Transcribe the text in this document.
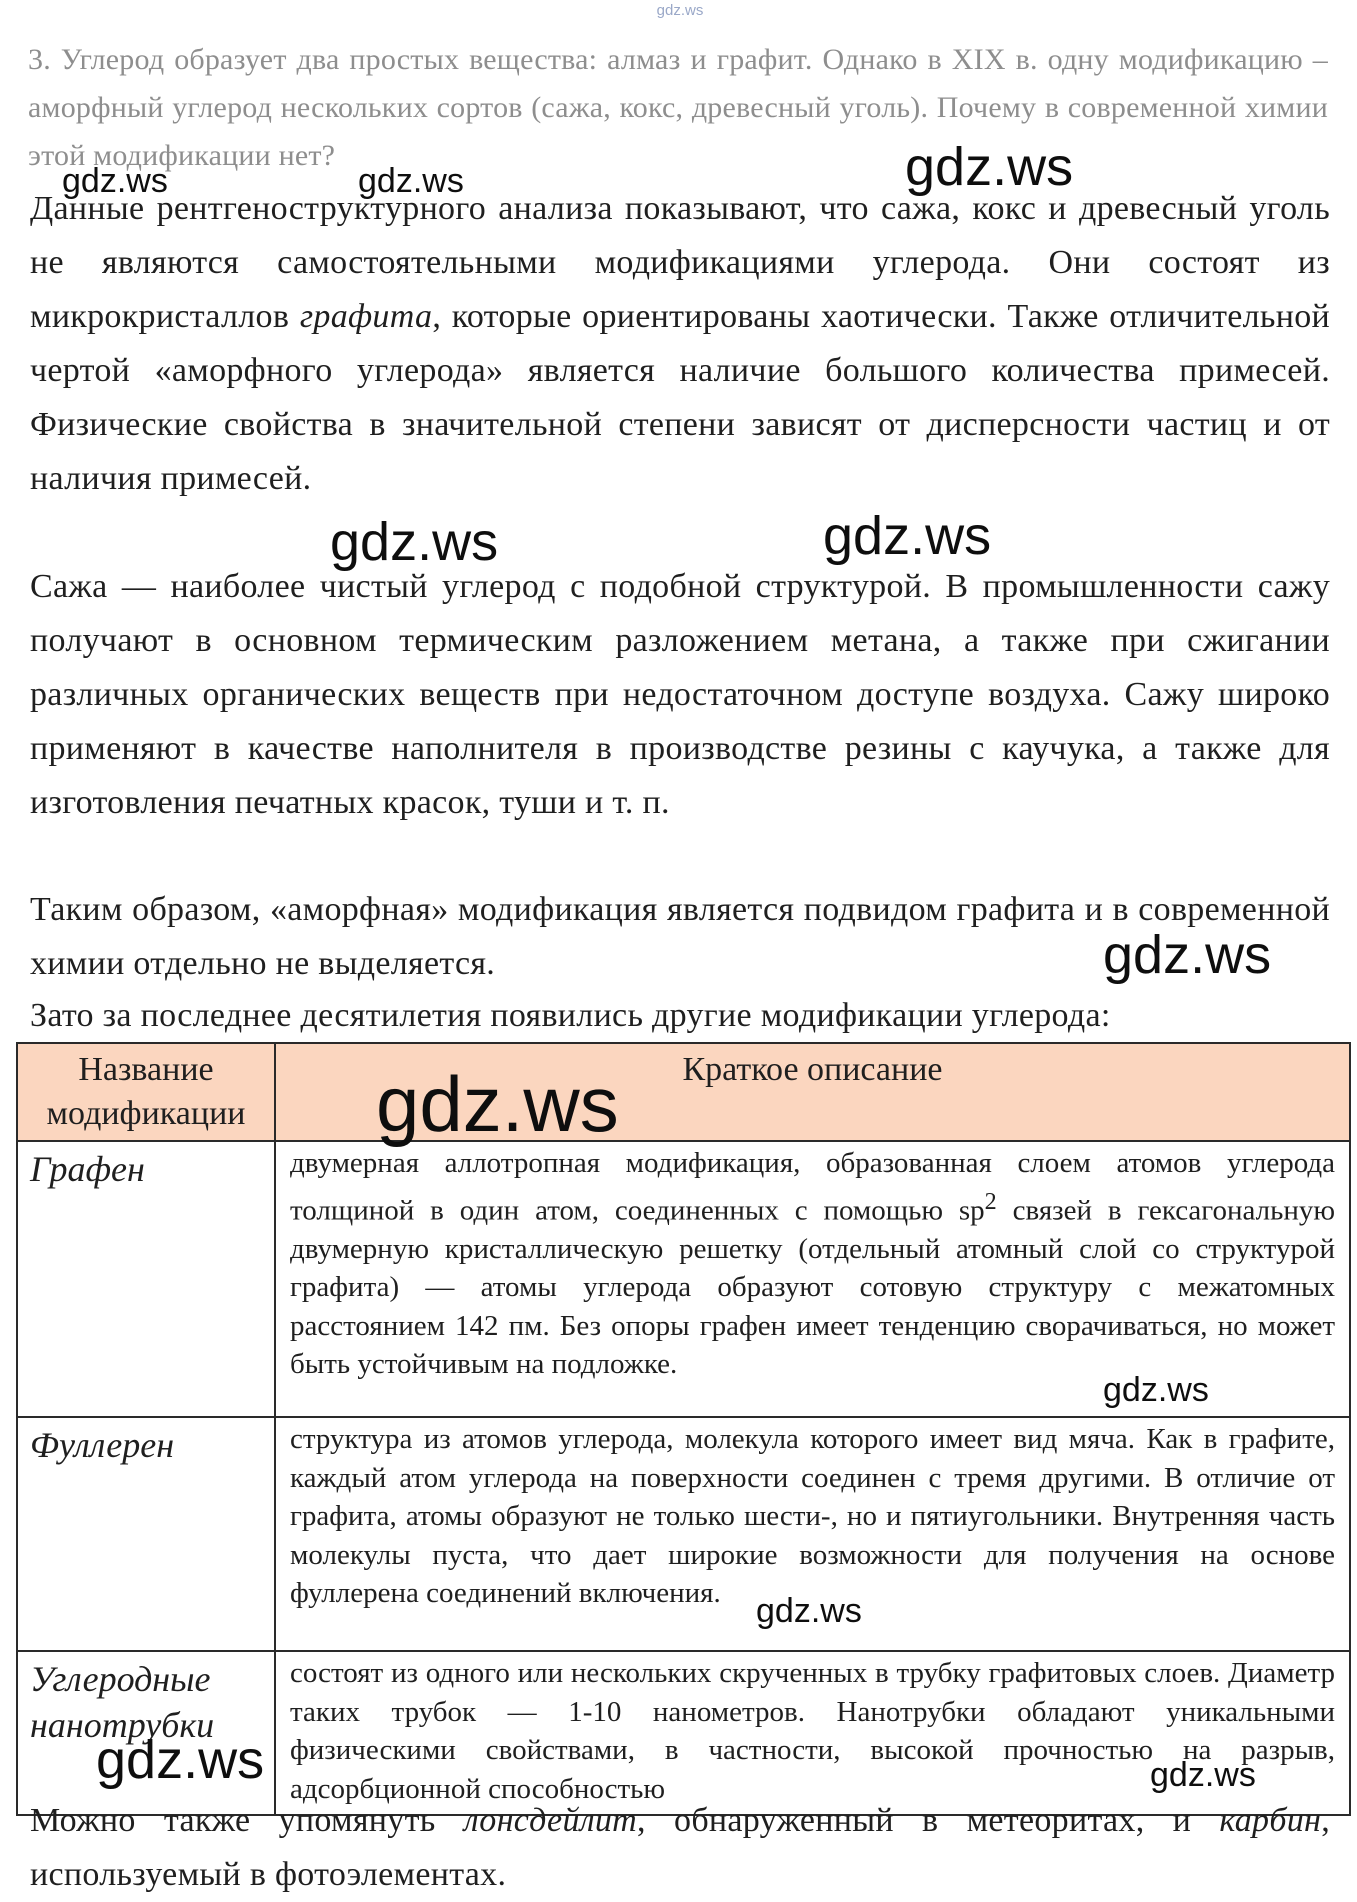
gdz.ws
3. Углерод образует два простых вещества: алмаз и графит. Однако в XIX в. одну модификацию – аморфный углерод нескольких сортов (сажа, кокс, древесный уголь). Почему в современной химии этой модификации нет?
Данные рентгеноструктурного анализа показывают, что сажа, кокс и древесный уголь не являются самостоятельными модификациями углерода. Они состоят из микрокристаллов графита, которые ориентированы хаотически. Также отличительной чертой «аморфного углерода» является наличие большого количества примесей. Физические свойства в значительной степени зависят от дисперсности частиц и от наличия примесей.
Сажа — наиболее чистый углерод с подобной структурой. В промышленности сажу получают в основном термическим разложением метана, а также при сжигании различных органических веществ при недостаточном доступе воздуха. Сажу широко применяют в качестве наполнителя в производстве резины с каучука, а также для изготовления печатных красок, туши и т. п.
Таким образом, «аморфная» модификация является подвидом графита и в современной химии отдельно не выделяется.
Зато за последнее десятилетия появились другие модификации углерода:
Название модификации	Краткое описание
Графен	двумерная аллотропная модификация, образованная слоем атомов углерода толщиной в один атом, соединенных с помощью $sp^2$ связей в гексагональную двумерную кристаллическую решетку (отдельный атомный слой со структурой графита) — атомы углерода образуют сотовую структуру с межатомных расстоянием 142 пм. Без опоры графен имеет тенденцию сворачиваться, но может быть устойчивым на подложке.
Фуллерен	структура из атомов углерода, молекула которого имеет вид мяча. Как в графите, каждый атом углерода на поверхности соединен с тремя другими. В отличие от графита, атомы образуют не только шести-, но и пятиугольники. Внутренняя часть молекулы пуста, что дает широкие возможности для получения на основе фуллерена соединений включения.
Углеродные нанотрубки	состоят из одного или нескольких скрученных в трубку графитовых слоев. Диаметр таких трубок — 1-10 нанометров. Нанотрубки обладают уникальными физическими свойствами, в частности, высокой прочностью на разрыв, адсорбционной способностью
Можно также упомянуть лонсдейлит, обнаруженный в метеоритах, и карбин, используемый в фотоэлементах.
gdz.ws
gdz.ws	gdz.ws
gdz.ws	gdz.ws
gdz.ws
gdz.ws
gdz.ws
gdz.ws
gdz.ws	gdz.ws
